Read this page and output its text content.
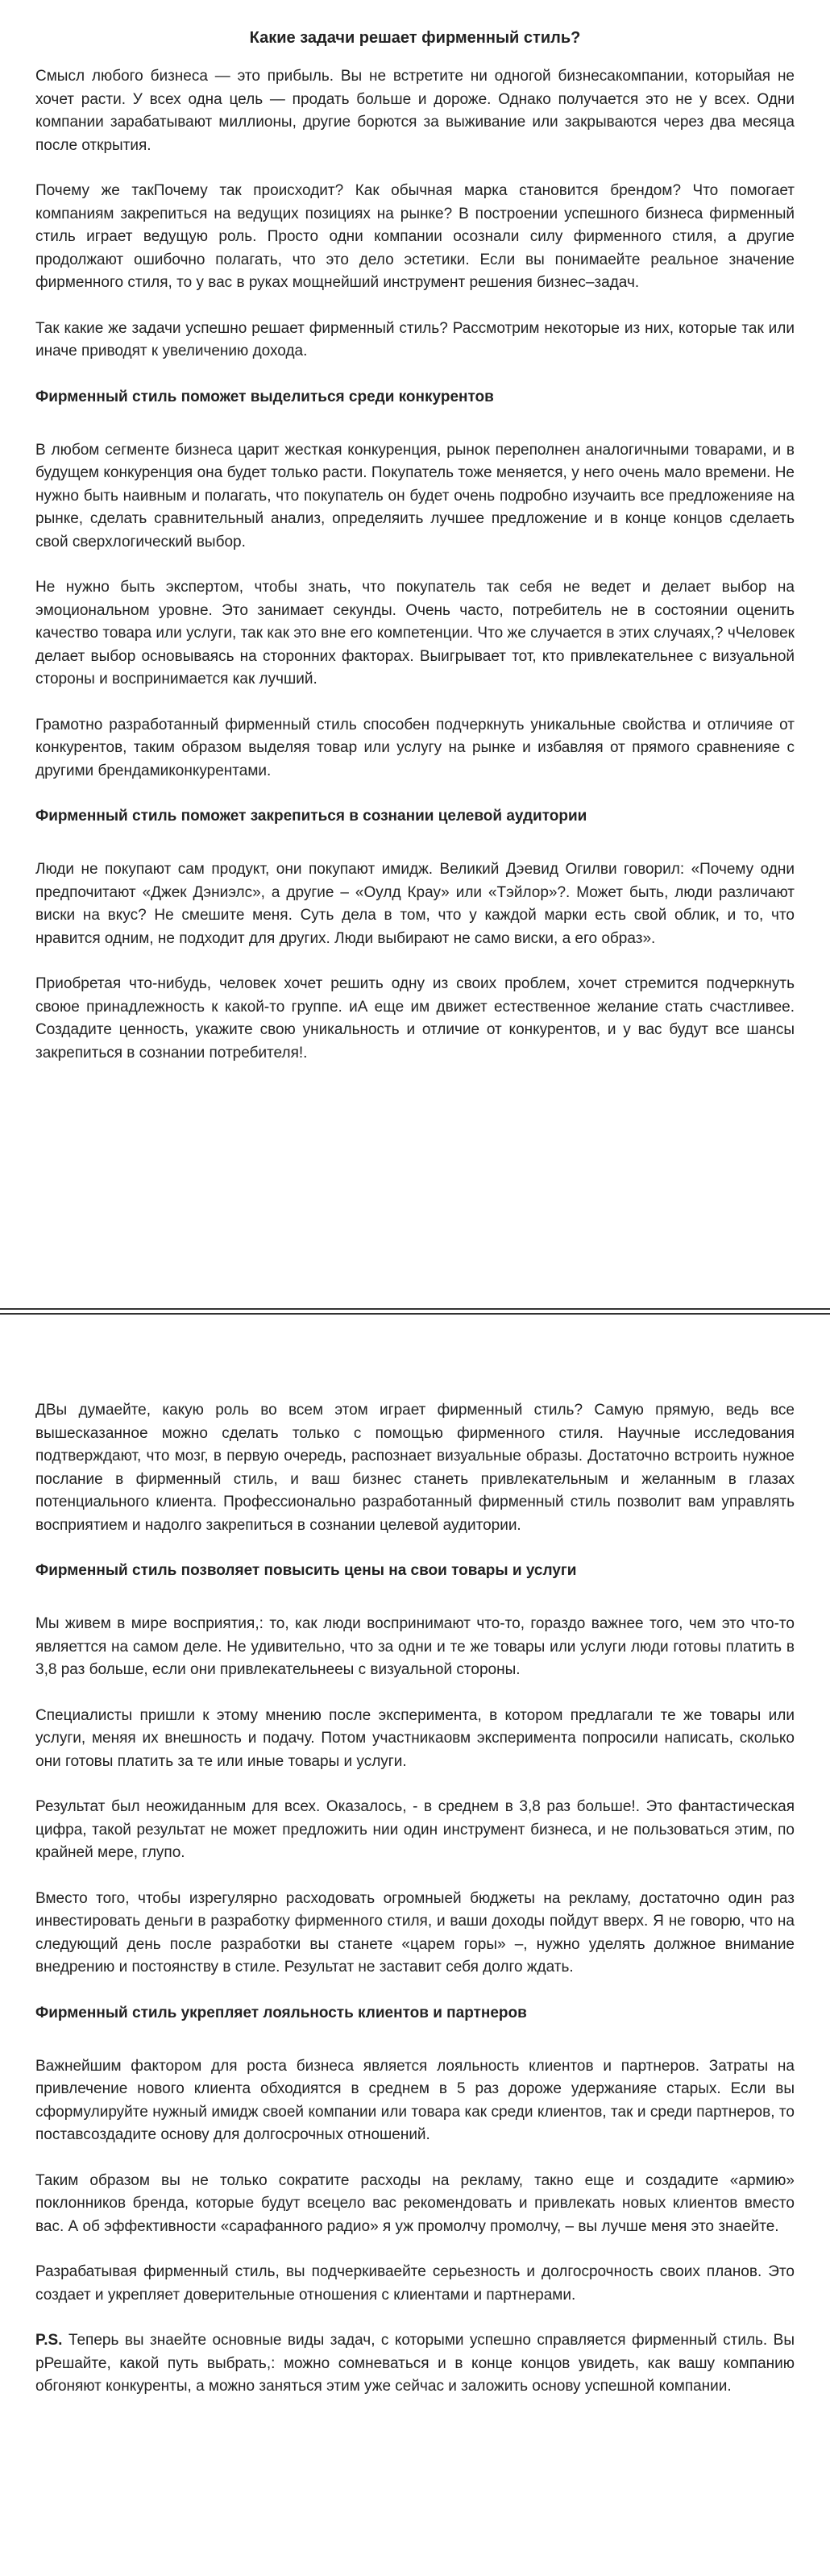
Какие задачи решает фирменный стиль?

Смысл любого бизнеса — это прибыль. Вы не встретите ни одногой бизнесакомпании, которыйая не хочет расти. У всех одна цель — продать больше и дороже. Однако получается это не у всех. Одни компании зарабатывают миллионы, другие борются за выживание или закрываются через два месяца после открытия.

Почему же такПочему так происходит? Как обычная марка становится брендом? Что помогает компаниям закрепиться на ведущих позициях на рынке? В построении успешного бизнеса фирменный стиль играет ведущую роль. Просто одни компании осознали силу фирменного стиля, а другие продолжают ошибочно полагать, что это дело эстетики. Если вы понимаейте реальное значение фирменного стиля, то у вас в руках мощнейший инструмент решения бизнес–задач.

Так какие же задачи успешно решает фирменный стиль? Рассмотрим некоторые из них, которые так или иначе приводят к увеличению дохода.

Фирменный стиль поможет выделиться среди конкурентов

В любом сегменте бизнеса царит жесткая конкуренция, рынок переполнен аналогичными товарами, и в будущем конкуренция она будет только расти. Покупатель тоже меняется, у него очень мало времени. Не нужно быть наивным и полагать, что покупатель он будет очень подробно изучаить все предложенияе на рынке, сделать сравнительный анализ, определяить лучшее предложение и в конце концов сделаеть свой сверхлогический выбор.

Не нужно быть экспертом, чтобы знать, что покупатель так себя не ведет и делает выбор на эмоциональном уровне. Это занимает секунды. Очень часто, потребитель не в состоянии оценить качество товара или услуги, так как это вне его компетенции. Что же случается в этих случаях,? чЧеловек делает выбор основываясь на сторонних факторах. Выигрывает тот, кто привлекательнее с визуальной стороны и воспринимается как лучший.

Грамотно разработанный фирменный стиль способен подчеркнуть уникальные свойства и отличияе от конкурентов, таким образом выделяя товар или услугу на рынке и избавляя от прямого сравненияе с другими брендамиконкурентами.

Фирменный стиль поможет закрепиться в сознании целевой аудитории

Люди не покупают сам продукт, они покупают имидж. Великий Дэевид Огилви говорил: «Почему одни предпочитают «Джек Дэниэлс», а другие – «Оулд Крау» или «Тэйлор»?. Может быть, люди различают виски на вкус? Не смешите меня. Суть дела в том, что у каждой марки есть свой облик, и то, что нравится одним, не подходит для других. Люди выбирают не само виски, а его образ».

Приобретая что-нибудь, человек хочет решить одну из своих проблем, хочет стремится подчеркнуть своюе принадлежность к какой-то группе. иА еще им движет естественное желание стать счастливее. Создадите ценность, укажите свою уникальность и отличие от конкурентов, и у вас будут все шансы закрепиться в сознании потребителя!.

ДВы думаейте, какую роль во всем этом играет фирменный стиль? Самую прямую, ведь все вышесказанное можно сделать только с помощью фирменного стиля. Научные исследования подтверждают, что мозг, в первую очередь, распознает визуальные образы. Достаточно встроить нужное послание в фирменный стиль, и ваш бизнес станеть привлекательным и желанным в глазах потенциального клиента. Профессионально разработанный фирменный стиль позволит вам управлять восприятием и надолго закрепиться в сознании целевой аудитории.

Фирменный стиль позволяет повысить цены на свои товары и услуги

Мы живем в мире восприятия,: то, как люди воспринимают что-то, гораздо важнее того, чем это что-то являеттся на самом деле. Не удивительно, что за одни и те же товары или услуги люди готовы платить в 3,8 раз больше, если они привлекательнееы с визуальной стороны.

Специалисты пришли к этому мнению после эксперимента, в котором предлагали те же товары или услуги, меняя их внешность и подачу. Потом участникаовм эксперимента попросили написать, сколько они готовы платить за те или иные товары и услуги.

Результат был неожиданным для всех. Оказалось, - в среднем в 3,8 раз больше!. Это фантастическая цифра, такой результат не может предложить нии один инструмент бизнеса, и не пользоваться этим, по крайней мере, глупо.

Вместо того, чтобы изрегулярно расходовать огромныей бюджеты на рекламу, достаточно один раз инвестировать деньги в разработку фирменного стиля, и ваши доходы пойдут вверх. Я не говорю, что на следующий день после разработки вы станете «царем горы» –, нужно уделять должное внимание внедрению и постоянству в стиле. Результат не заставит себя долго ждать.

Фирменный стиль укрепляет лояльность клиентов и партнеров

Важнейшим фактором для роста бизнеса является лояльность клиентов и партнеров. Затраты на привлечение нового клиента обходиятся в среднем в 5 раз дороже удержанияе старых. Если вы сформулируйте нужный имидж своей компании или товара как среди клиентов, так и среди партнеров, то поставсоздадите основу для долгосрочных отношений.

Таким образом вы не только сократите расходы на рекламу, такно еще и создадите «армию» поклонников бренда, которые будут всецело вас рекомендовать и привлекать новых клиентов вместо вас. А об эффективности «сарафанного радио» я уж промолчу промолчу, – вы лучше меня это знаейте.

Разрабатывая фирменный стиль, вы подчеркиваейте серьезность и долгосрочность своих планов. Это создает и укрепляет доверительные отношения с клиентами и партнерами.

P.S. Теперь вы знаейте основные виды задач, с которыми успешно справляется фирменный стиль. Вы рРешайте, какой путь выбрать,: можно сомневаться и в конце концов увидеть, как вашу компанию обгоняют конкуренты, а можно заняться этим уже сейчас и заложить основу успешной компании.
